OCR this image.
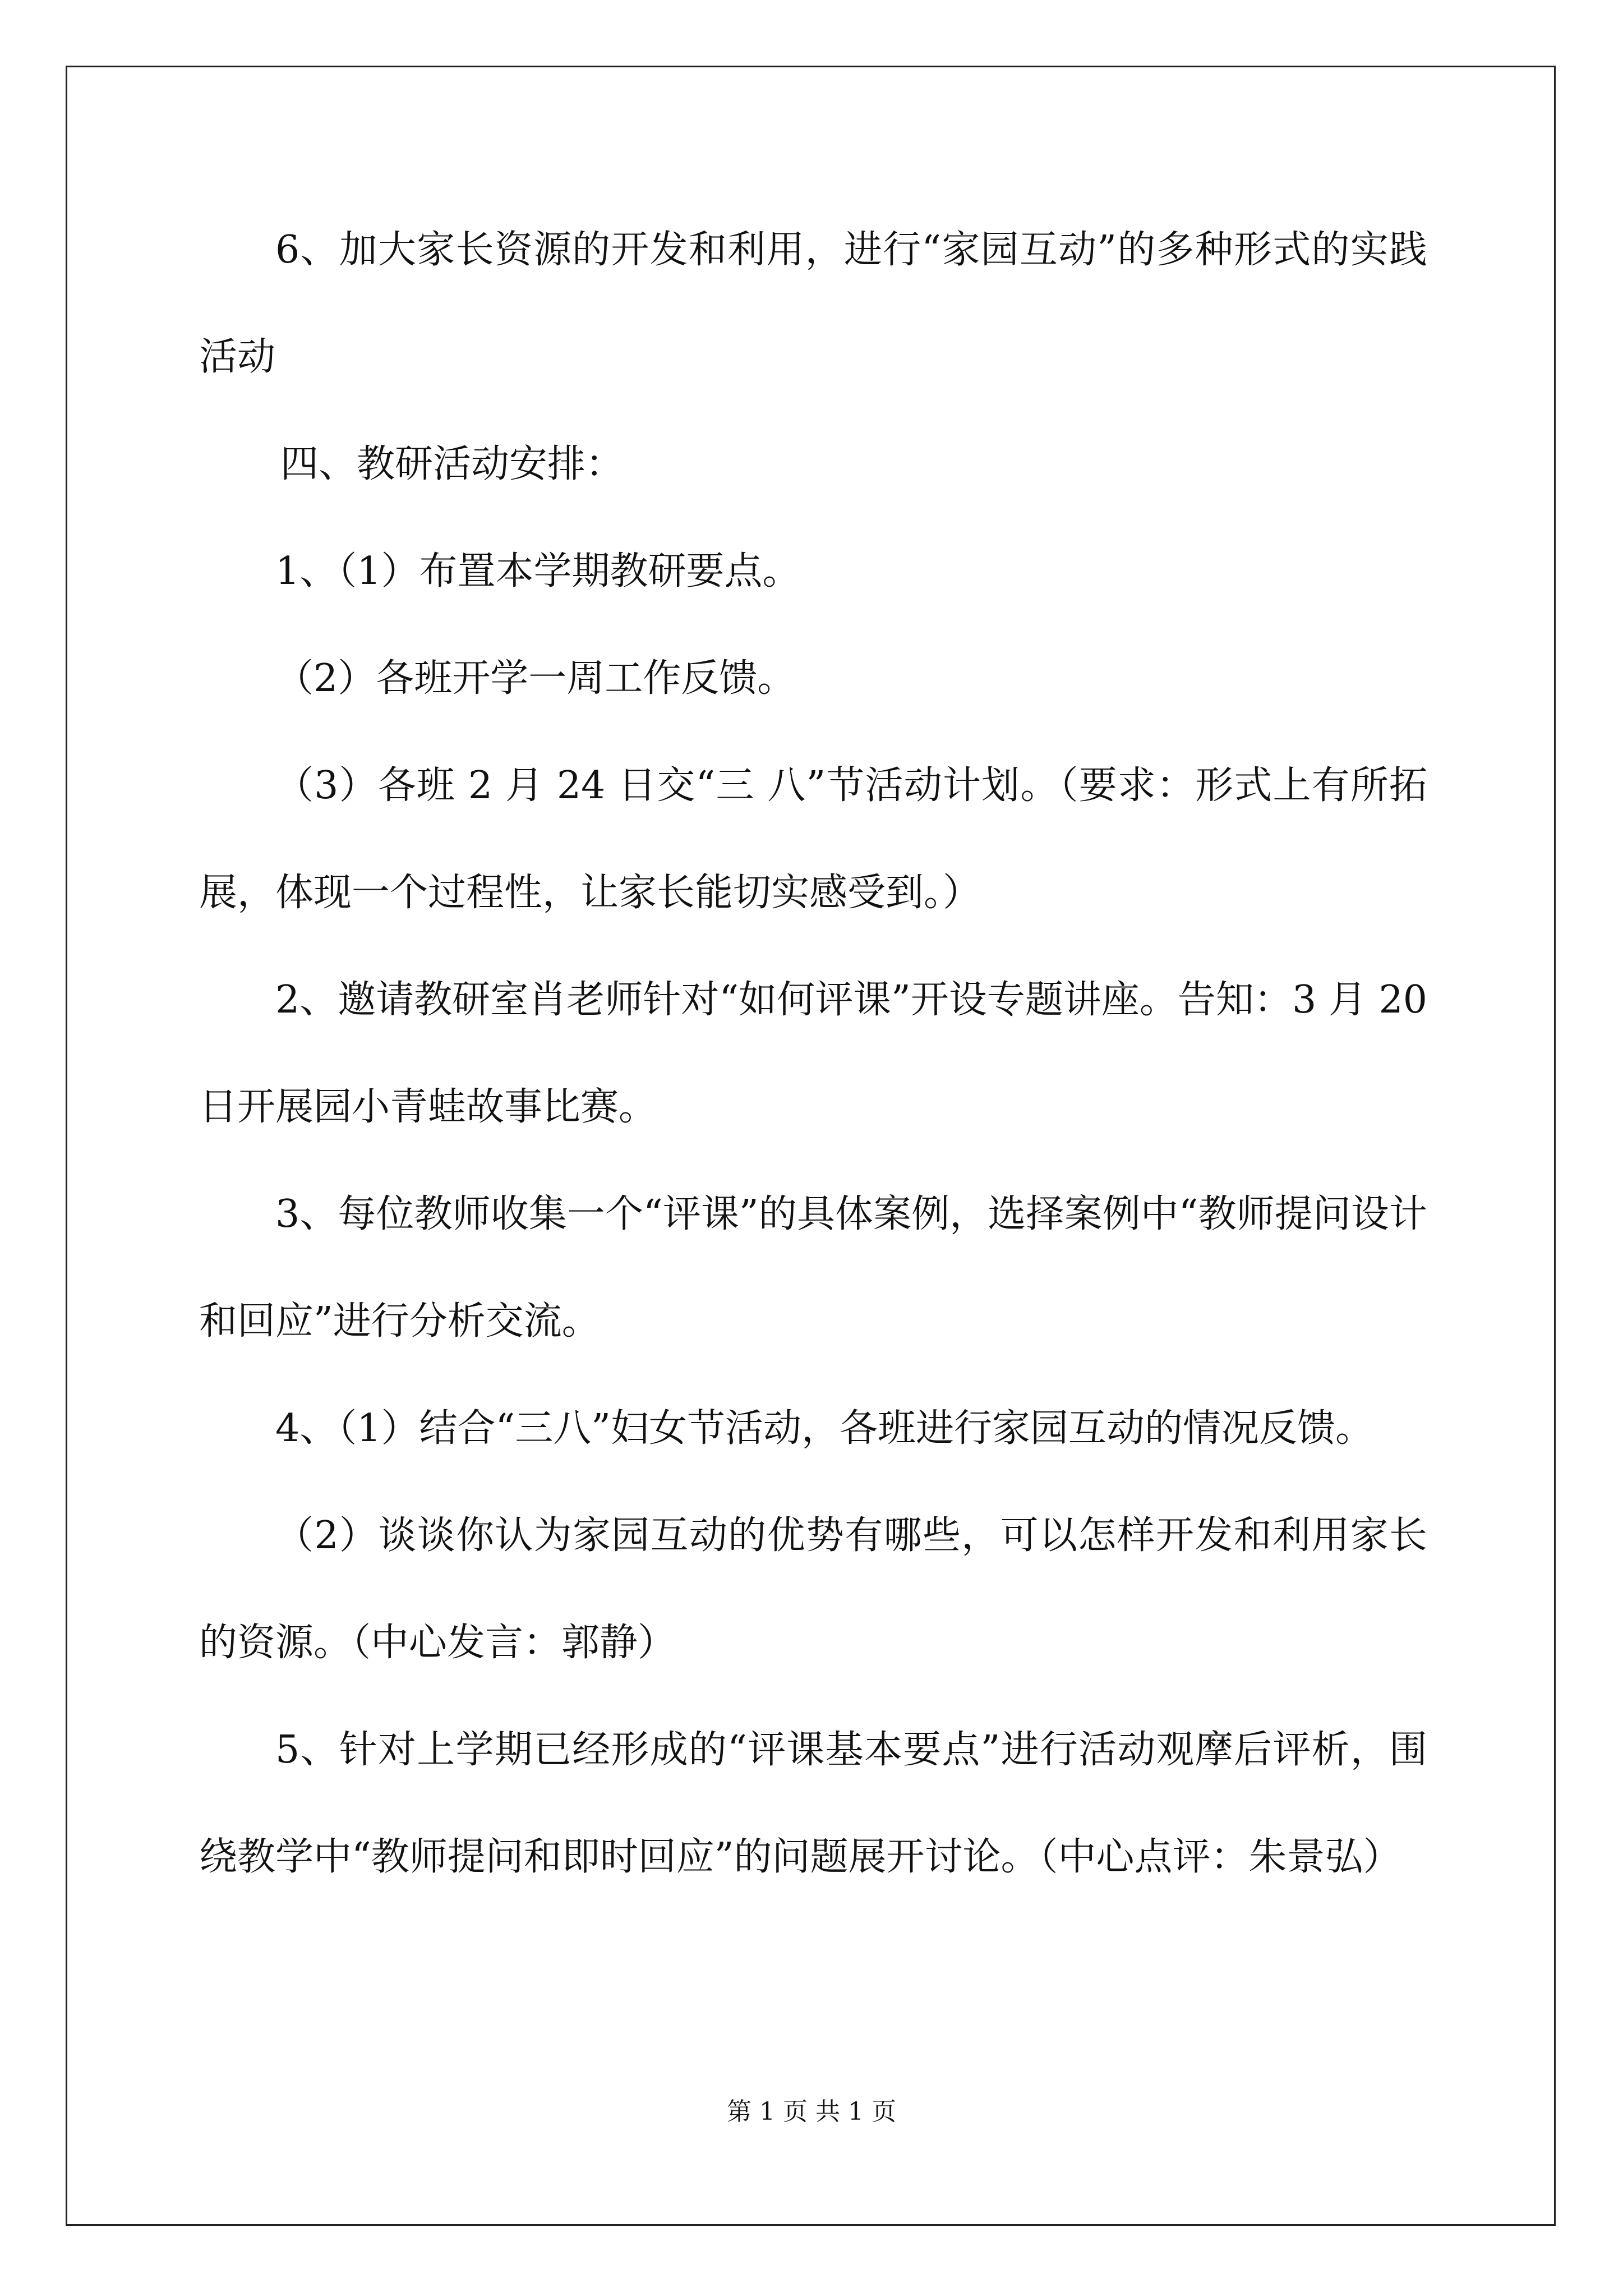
6、加大家长资源的开发和利用，进行“家园互动”的多种形式的实践活动

四、教研活动安排：

1、（1）布置本学期教研要点。

（2）各班开学一周工作反馈。

（3）各班 2 月 24 日交“三 八”节活动计划。（要求：形式上有所拓展，体现一个过程性，让家长能切实感受到。）

2、邀请教研室肖老师针对“如何评课”开设专题讲座。告知：3 月 20 日开展园小青蛙故事比赛。

3、每位教师收集一个“评课”的具体案例，选择案例中“教师提问设计和回应”进行分析交流。

4、（1）结合“三八”妇女节活动，各班进行家园互动的情况反馈。

（2）谈谈你认为家园互动的优势有哪些，可以怎样开发和利用家长的资源。（中心发言：郭静）

5、针对上学期已经形成的“评课基本要点”进行活动观摩后评析，围绕教学中“教师提问和即时回应”的问题展开讨论。（中心点评：朱景弘）

第 1 页 共 1 页
